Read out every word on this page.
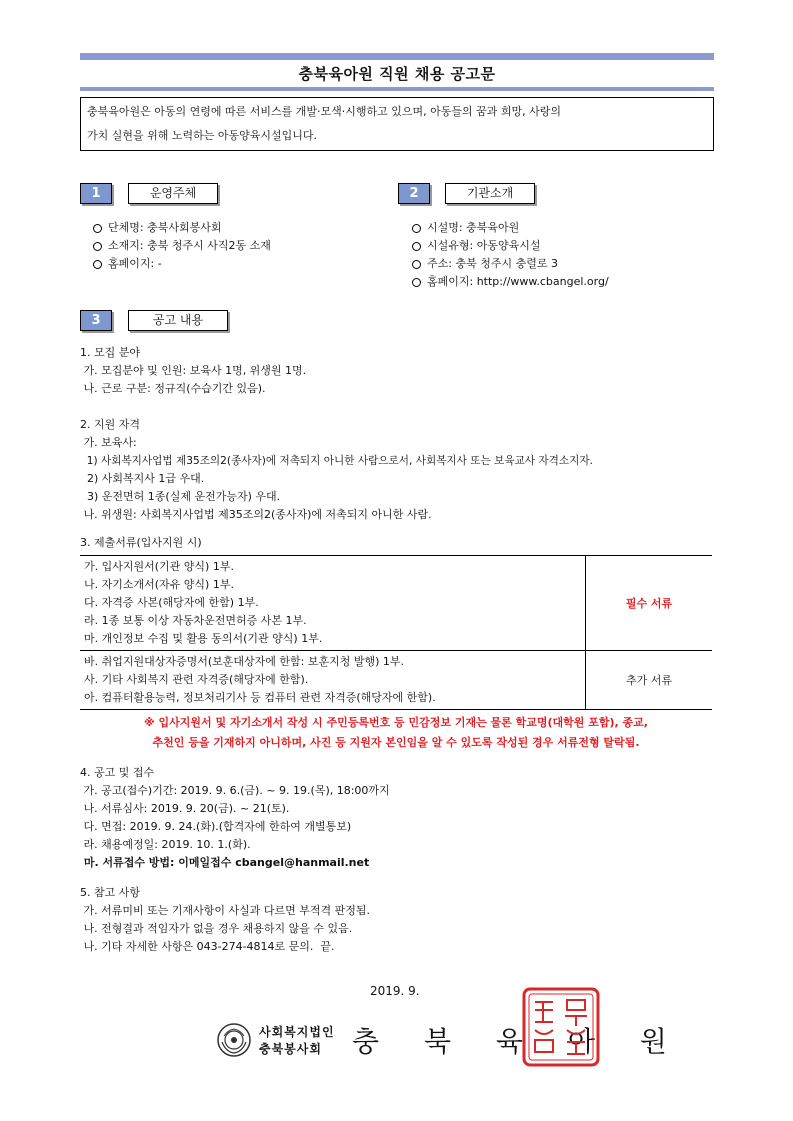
충북육아원 직원 채용 공고문
충북육아원은 아동의 연령에 따른 서비스를 개발·모색·시행하고 있으며, 아동들의 꿈과 희망, 사랑의
가치 실현을 위해 노력하는 아동양육시설입니다.
1	운영주체
단체명: 충북사회봉사회
소재지: 충북 청주시 사직2동 소재
홈페이지: -
2	기관소개
시설명: 충북육아원
시설유형: 아동양육시설
주소: 충북 청주시 충렬로 3
홈페이지: http://www.cbangel.org/
3	공고 내용

1. 모집 분야

가. 모집분야 및 인원: 보육사 1명, 위생원 1명.

나. 근로 구분: 정규직(수습기간 있음).

2. 지원 자격

가. 보육사:

1) 사회복지사업법 제35조의2(종사자)에 저촉되지 아니한 사람으로서, 사회복지사 또는 보육교사 자격소지자.

2) 사회복지사 1급 우대.

3) 운전면허 1종(실제 운전가능자) 우대.

나. 위생원: 사회복지사업법 제35조의2(종사자)에 저촉되지 아니한 사람.

3. 제출서류(입사지원 시)
가. 입사지원서(기관 양식) 1부.
나. 자기소개서(자유 양식) 1부.
다. 자격증 사본(해당자에 한함) 1부.
라. 1종 보통 이상 자동차운전면허증 사본 1부.
마. 개인정보 수집 및 활용 동의서(기관 양식) 1부.	필수 서류

바. 취업지원대상자증명서(보훈대상자에 한함: 보훈지청 발행) 1부.
사. 기타 사회복지 관련 자격증(해당자에 한함).
아. 컴퓨터활용능력, 정보처리기사 등 컴퓨터 관련 자격증(해당자에 한함).	추가 서류
※ 입사지원서 및 자기소개서 작성 시 주민등록번호 등 민감정보 기재는 물론 학교명(대학원 포함), 종교,
추천인 등을 기재하지 아니하며, 사진 등 지원자 본인임을 알 수 있도록 작성된 경우 서류전형 탈락됨.

4. 공고 및 접수

가. 공고(접수)기간: 2019. 9. 6.(금). ~ 9. 19.(목), 18:00까지

나. 서류심사: 2019. 9. 20(금). ~ 21(토).

다. 면접: 2019. 9. 24.(화).(합격자에 한하여 개별통보)

라. 채용예정일: 2019. 10. 1.(화).

마. 서류접수 방법: 이메일접수 cbangel@hanmail.net

5. 참고 사항

가. 서류미비 또는 기재사항이 사실과 다르면 부적격 판정됨.

나. 전형결과 적임자가 없을 경우 채용하지 않을 수 있음.

나. 기타 자세한 사항은 043-274-4814로 문의.  끝.

2019. 9.
사회복지법인
충북봉사회	충 북 육 아 원
